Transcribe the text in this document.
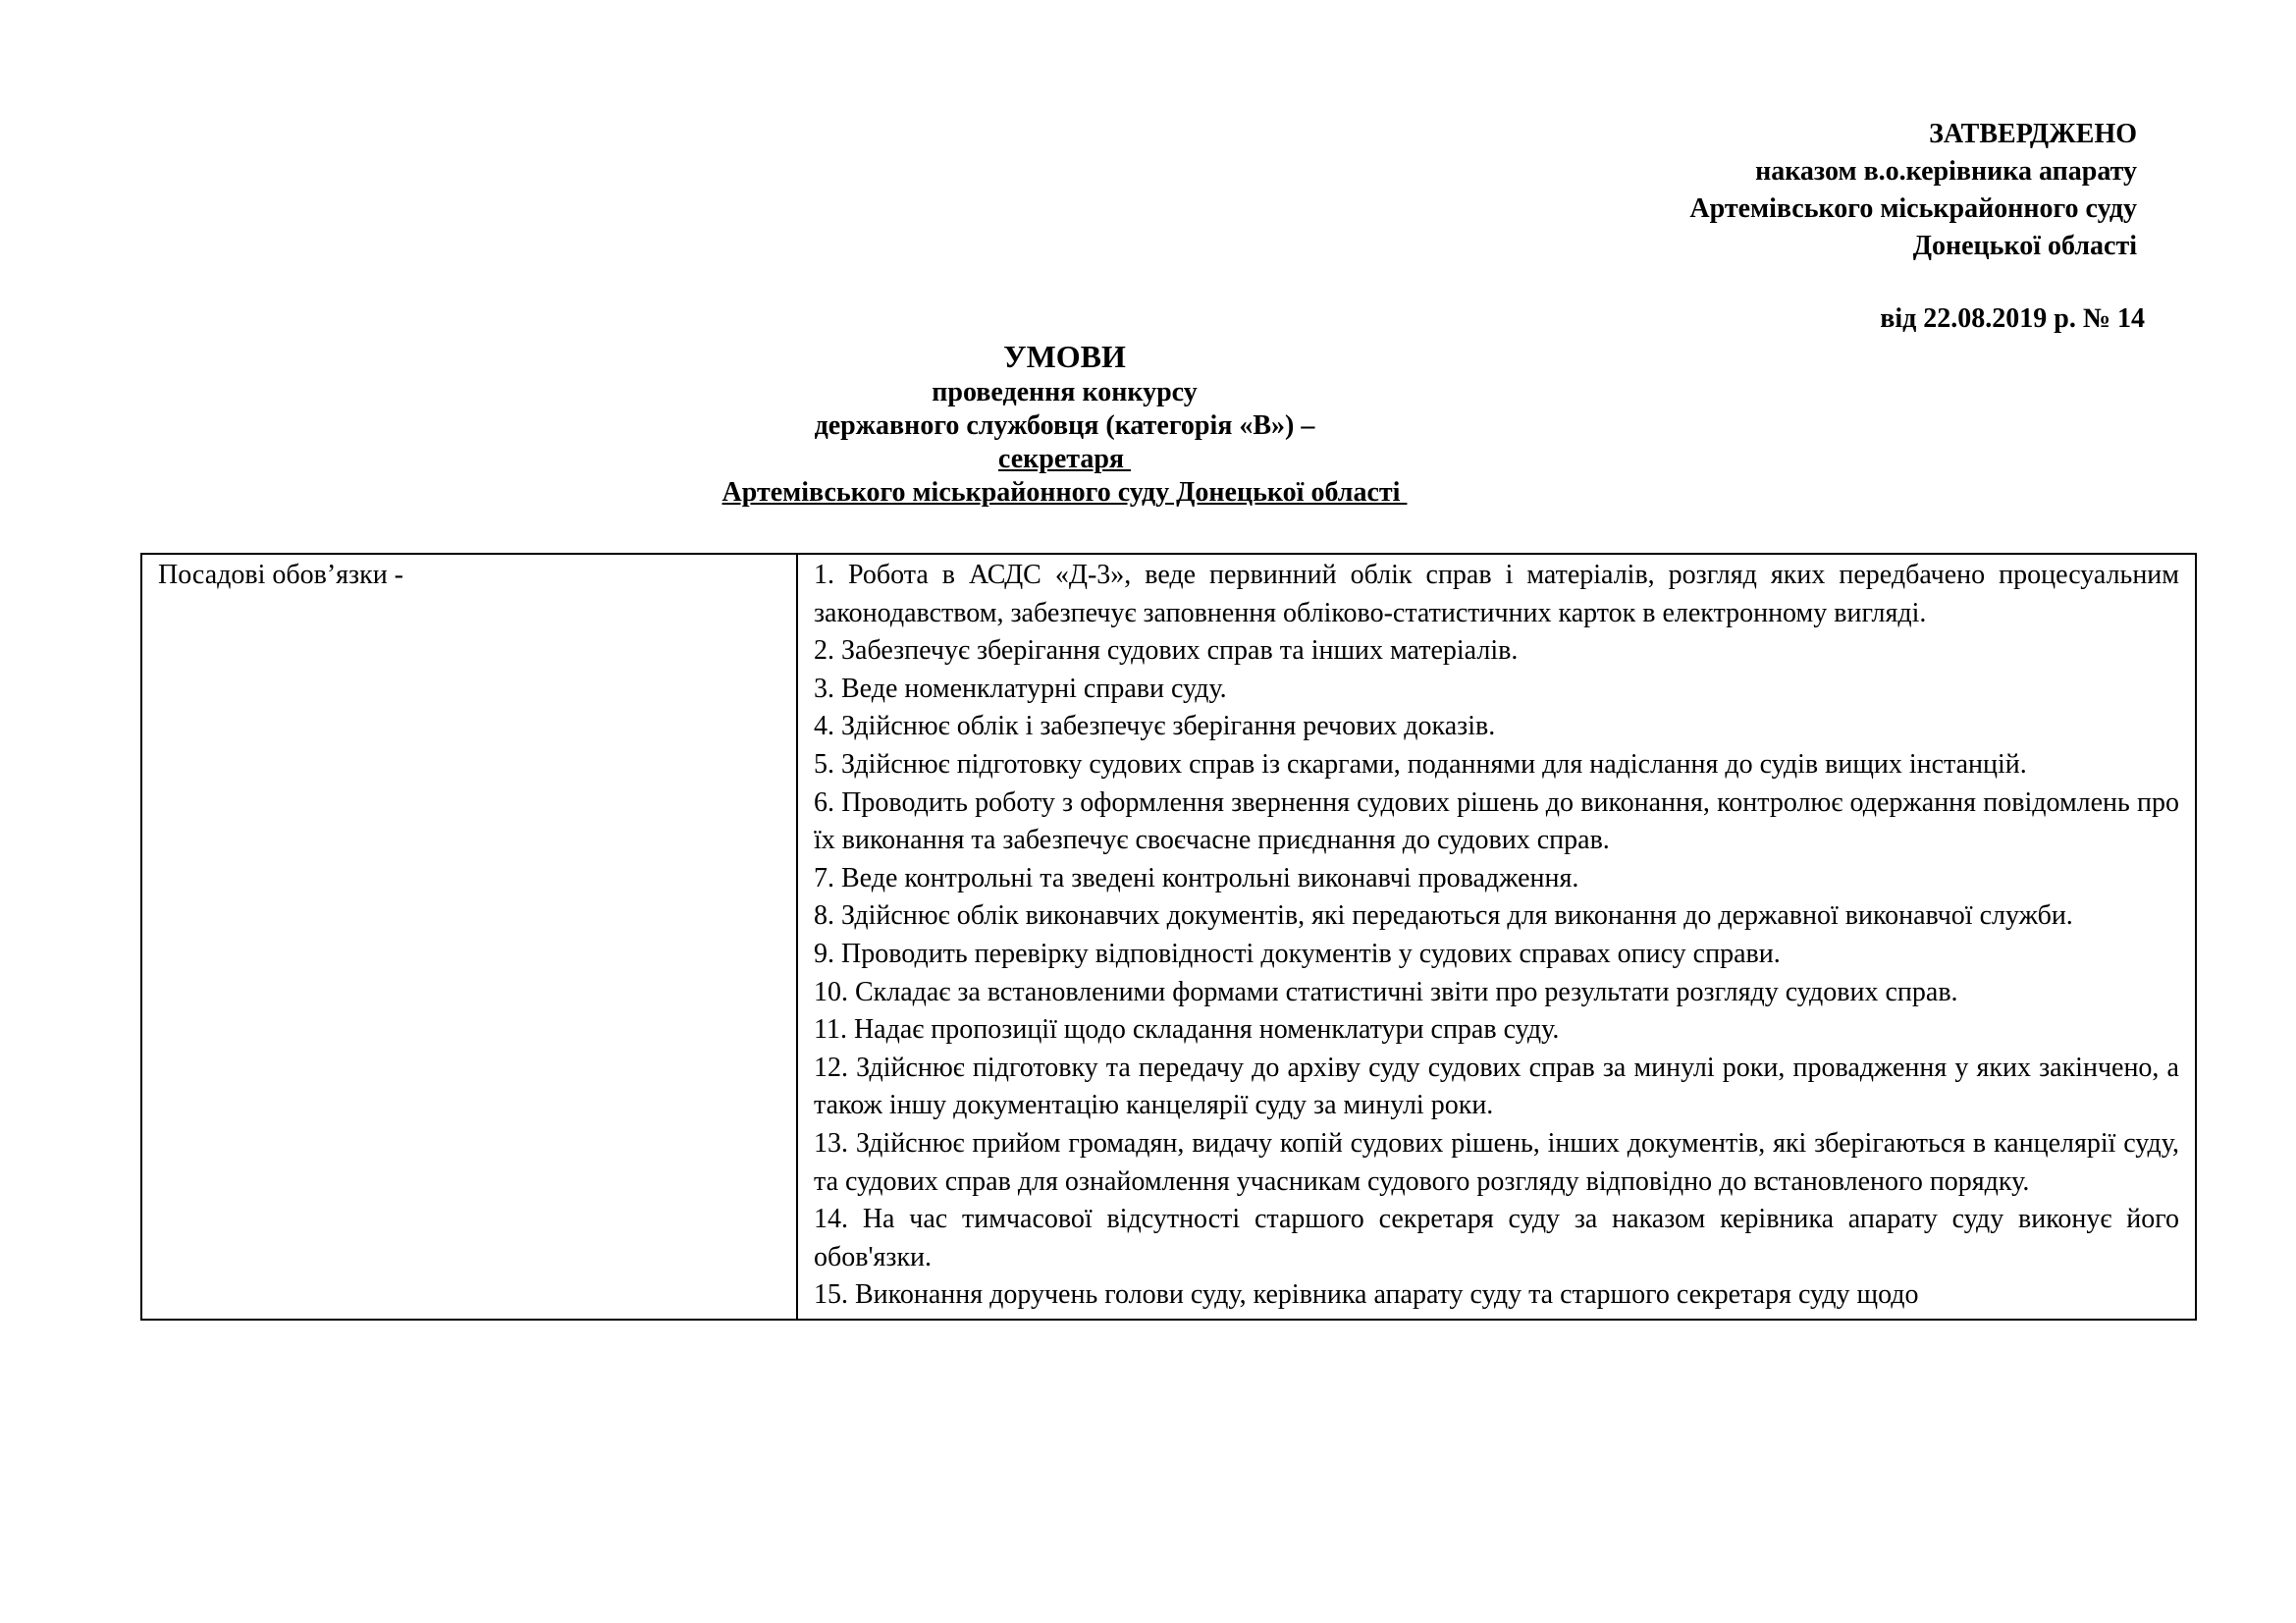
ЗАТВЕРДЖЕНО
наказом в.о.керівника апарату
Артемівського міськрайонного суду
Донецької області
від 22.08.2019 р. № 14
УМОВИ
проведення конкурсу
державного службовця (категорія «В») –
секретаря
Артемівського міськрайонного суду Донецької області
Посадові обов’язки -	1. Робота в АСДС «Д-3», веде первинний облік справ і матеріалів, розгляд яких передбачено процесуальним законодавством, забезпечує заповнення обліково-статистичних карток в електронному вигляді.
2. Забезпечує зберігання судових справ та інших матеріалів.
3. Веде номенклатурні справи суду.
4. Здійснює облік і забезпечує зберігання речових доказів.
5. Здійснює підготовку судових справ із скаргами, поданнями для надіслання до судів вищих інстанцій.
6. Проводить роботу з оформлення звернення судових рішень до виконання, контролює одержання повідомлень про їх виконання та забезпечує своєчасне приєднання до судових справ.
7. Веде контрольні та зведені контрольні виконавчі провадження.
8. Здійснює облік виконавчих документів, які передаються для виконання до державної виконавчої служби.
9. Проводить перевірку відповідності документів у судових справах опису справи.
10. Складає за встановленими формами статистичні звіти про результати розгляду судових справ.
11. Надає пропозиції щодо складання номенклатури справ суду.
12. Здійснює підготовку та передачу до архіву суду судових справ за минулі роки, провадження у яких закінчено, а також іншу документацію канцелярії суду за минулі роки.
13. Здійснює прийом громадян, видачу копій судових рішень, інших документів, які зберігаються в канцелярії суду, та судових справ для ознайомлення учасникам судового розгляду відповідно до встановленого порядку.
14. На час тимчасової відсутності старшого секретаря суду за наказом керівника апарату суду виконує його обов'язки.
15. Виконання доручень голови суду, керівника апарату суду та старшого секретаря суду щодо
